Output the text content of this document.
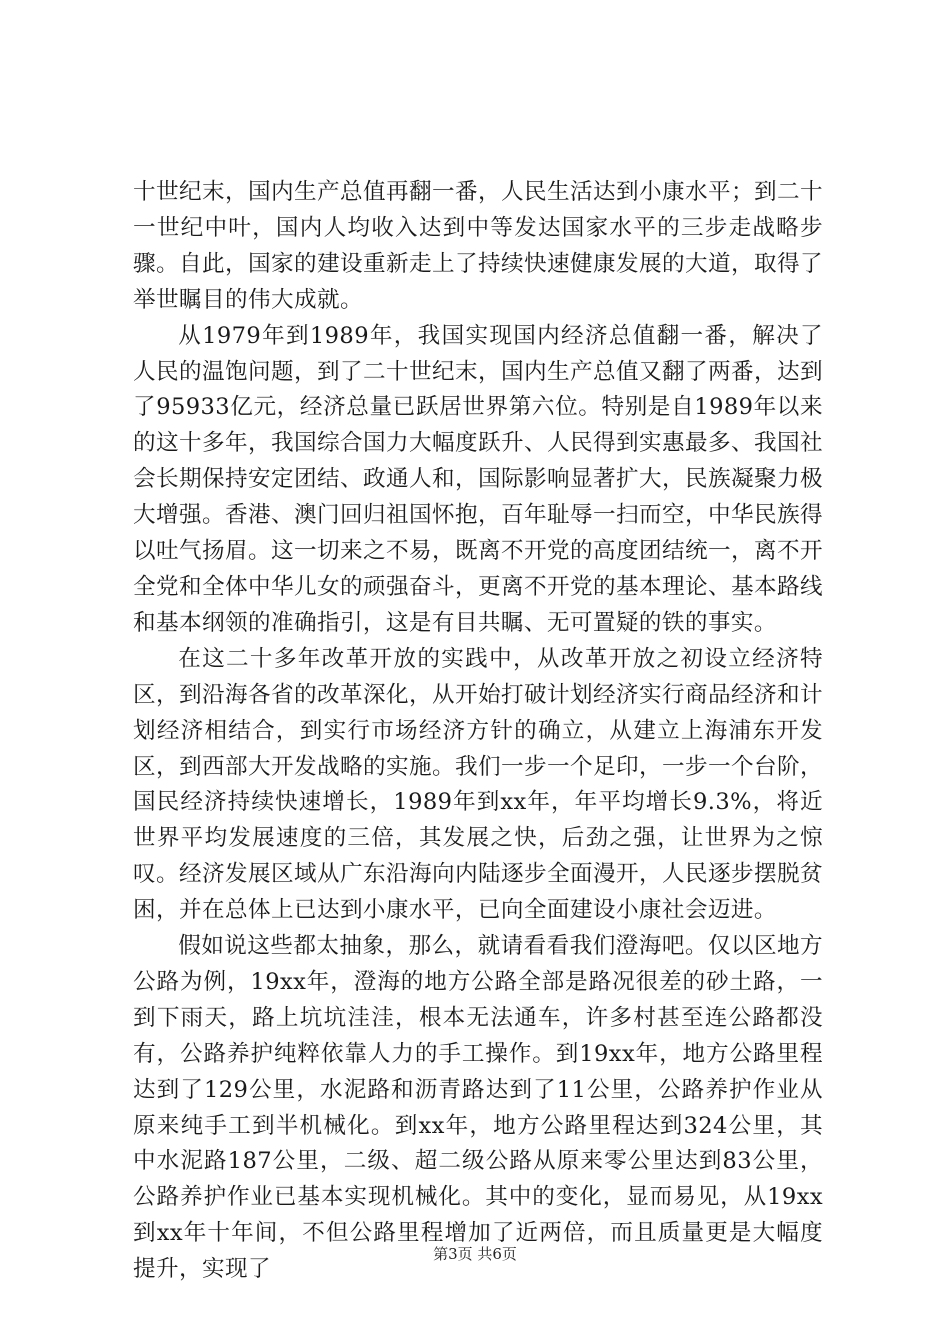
十世纪末，国内生产总值再翻一番，人民生活达到小康水平；到二十一世纪中叶，国内人均收入达到中等发达国家水平的三步走战略步骤。自此，国家的建设重新走上了持续快速健康发展的大道，取得了举世瞩目的伟大成就。

从1979年到1989年，我国实现国内经济总值翻一番，解决了人民的温饱问题，到了二十世纪末，国内生产总值又翻了两番，达到了95933亿元，经济总量已跃居世界第六位。特别是自1989年以来的这十多年，我国综合国力大幅度跃升、人民得到实惠最多、我国社会长期保持安定团结、政通人和，国际影响显著扩大，民族凝聚力极大增强。香港、澳门回归祖国怀抱，百年耻辱一扫而空，中华民族得以吐气扬眉。这一切来之不易，既离不开党的高度团结统一，离不开全党和全体中华儿女的顽强奋斗，更离不开党的基本理论、基本路线和基本纲领的准确指引，这是有目共瞩、无可置疑的铁的事实。

在这二十多年改革开放的实践中，从改革开放之初设立经济特区，到沿海各省的改革深化，从开始打破计划经济实行商品经济和计划经济相结合，到实行市场经济方针的确立，从建立上海浦东开发区，到西部大开发战略的实施。我们一步一个足印，一步一个台阶，国民经济持续快速增长，1989年到xx年，年平均增长9.3%，将近世界平均发展速度的三倍，其发展之快，后劲之强，让世界为之惊叹。经济发展区域从广东沿海向内陆逐步全面漫开，人民逐步摆脱贫困，并在总体上已达到小康水平，已向全面建设小康社会迈进。

假如说这些都太抽象，那么，就请看看我们澄海吧。仅以区地方公路为例，19xx年，澄海的地方公路全部是路况很差的砂土路，一到下雨天，路上坑坑洼洼，根本无法通车，许多村甚至连公路都没有，公路养护纯粹依靠人力的手工操作。到19xx年，地方公路里程达到了129公里，水泥路和沥青路达到了11公里，公路养护作业从原来纯手工到半机械化。到xx年，地方公路里程达到324公里，其中水泥路187公里，二级、超二级公路从原来零公里达到83公里，公路养护作业已基本实现机械化。其中的变化，显而易见，从19xx到xx年十年间，不但公路里程增加了近两倍，而且质量更是大幅度提升，实现了

第3页 共6页
